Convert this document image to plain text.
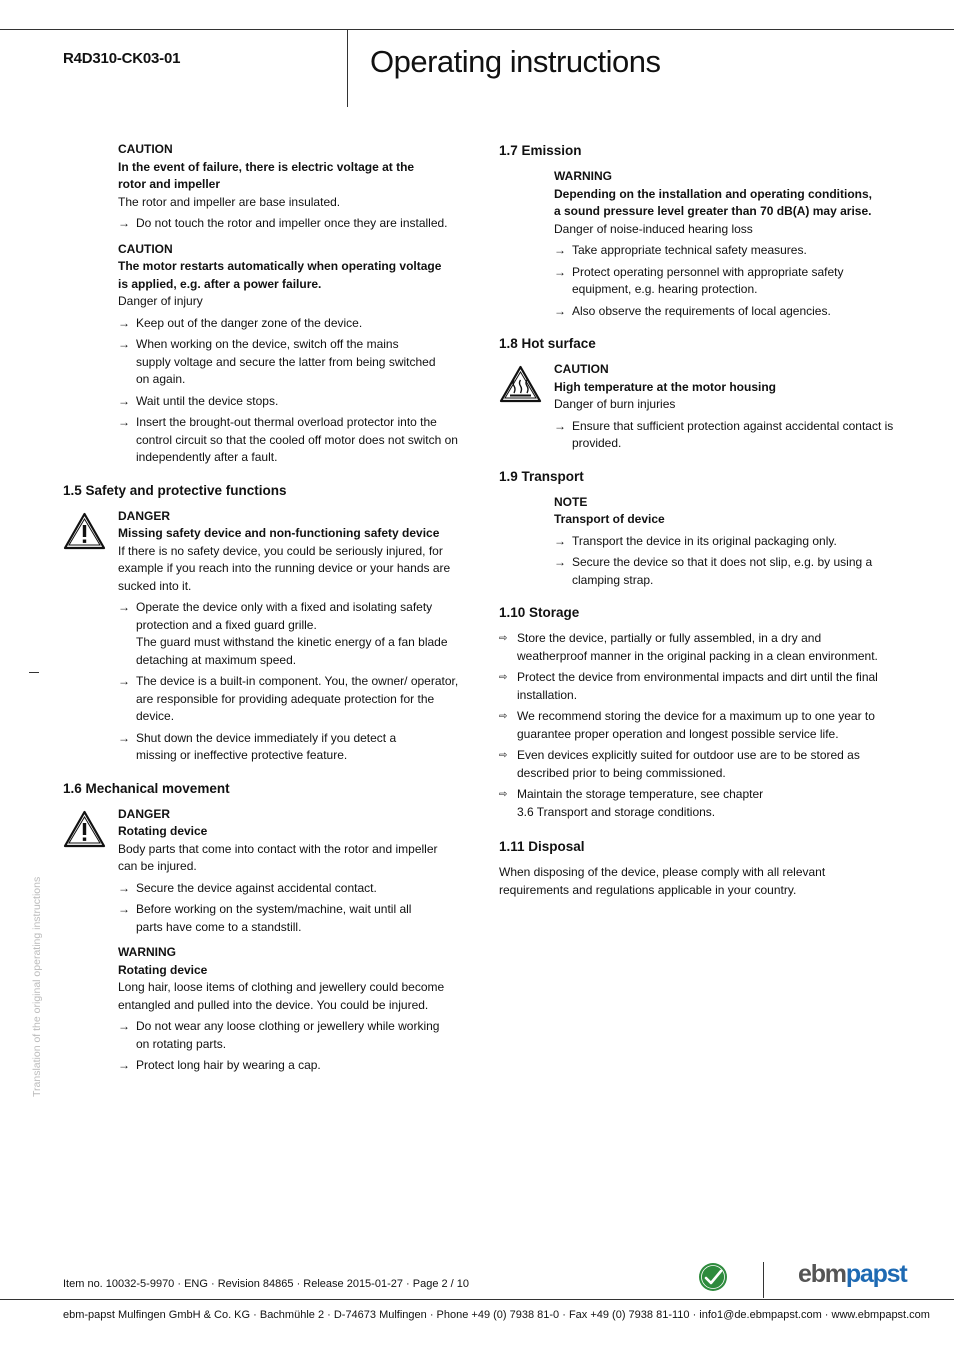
R4D310-CK03-01	Operating instructions
CAUTION
In the event of failure, there is electric voltage at the rotor and impeller
The rotor and impeller are base insulated.
→ Do not touch the rotor and impeller once they are installed.
CAUTION
The motor restarts automatically when operating voltage is applied, e.g. after a power failure.
Danger of injury
→ Keep out of the danger zone of the device.
→ When working on the device, switch off the mains supply voltage and secure the latter from being switched on again.
→ Wait until the device stops.
→ Insert the brought-out thermal overload protector into the control circuit so that the cooled off motor does not switch on independently after a fault.
1.5 Safety and protective functions
DANGER
Missing safety device and non-functioning safety device
If there is no safety device, you could be seriously injured, for example if you reach into the running device or your hands are sucked into it.
→ Operate the device only with a fixed and isolating safety protection and a fixed guard grille.
The guard must withstand the kinetic energy of a fan blade detaching at maximum speed.
→ The device is a built-in component. You, the owner/ operator, are responsible for providing adequate protection for the device.
→ Shut down the device immediately if you detect a missing or ineffective protective feature.
1.6 Mechanical movement
DANGER
Rotating device
Body parts that come into contact with the rotor and impeller can be injured.
→ Secure the device against accidental contact.
→ Before working on the system/machine, wait until all parts have come to a standstill.
WARNING
Rotating device
Long hair, loose items of clothing and jewellery could become entangled and pulled into the device. You could be injured.
→ Do not wear any loose clothing or jewellery while working on rotating parts.
→ Protect long hair by wearing a cap.
1.7 Emission
WARNING
Depending on the installation and operating conditions, a sound pressure level greater than 70 dB(A) may arise.
Danger of noise-induced hearing loss
→ Take appropriate technical safety measures.
→ Protect operating personnel with appropriate safety equipment, e.g. hearing protection.
→ Also observe the requirements of local agencies.
1.8 Hot surface
CAUTION
High temperature at the motor housing
Danger of burn injuries
→ Ensure that sufficient protection against accidental contact is provided.
1.9 Transport
NOTE
Transport of device
→ Transport the device in its original packaging only.
→ Secure the device so that it does not slip, e.g. by using a clamping strap.
1.10 Storage
⇨ Store the device, partially or fully assembled, in a dry and weatherproof manner in the original packing in a clean environment.
⇨ Protect the device from environmental impacts and dirt until the final installation.
⇨ We recommend storing the device for a maximum up to one year to guarantee proper operation and longest possible service life.
⇨ Even devices explicitly suited for outdoor use are to be stored as described prior to being commissioned.
⇨ Maintain the storage temperature, see chapter 3.6 Transport and storage conditions.
1.11 Disposal
When disposing of the device, please comply with all relevant requirements and regulations applicable in your country.
Translation of the original operating instructions
Item no. 10032-5-9970 · ENG · Revision 84865 · Release 2015-01-27 · Page 2 / 10	ebmpapst
ebm-papst Mulfingen GmbH & Co. KG · Bachmühle 2 · D-74673 Mulfingen · Phone +49 (0) 7938 81-0 · Fax +49 (0) 7938 81-110 · info1@de.ebmpapst.com · www.ebmpapst.com
